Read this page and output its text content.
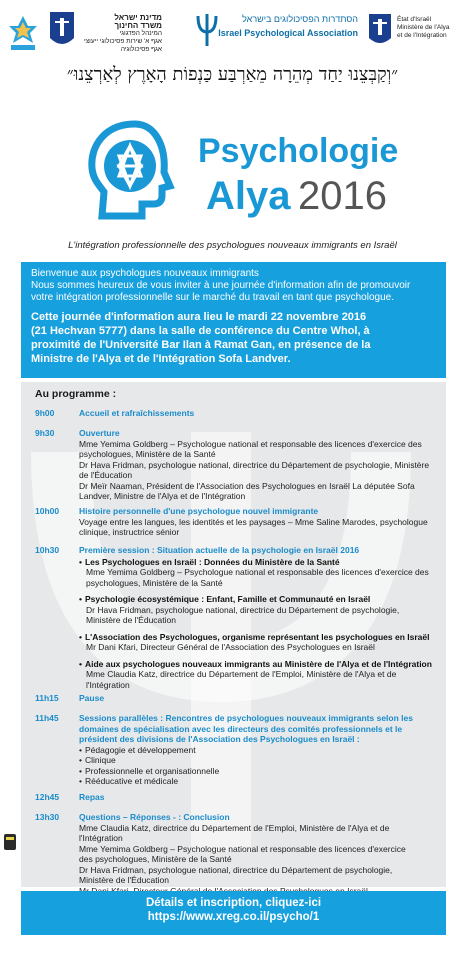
מדינת ישראל
משרד החינוך
המינהל הפדגוגי
אגף א' שירות פסיכולוגי ייעוצי
אגף פסיכולוגיה
הסתדרות הפסיכולוגים בישראל
Israel Psychological Association
État d'Israël
Ministère de l'Alya
et de l'Intégration
״וְקַבְּצֵנוּ יַחַד מְהֵרָה מֵאַרְבַּע כַּנְפוֹת הָאָרֶץ לְאַרְצֵנוּ״
Psychologie
Alya 2016
L'intégration professionnelle des psychologues nouveaux immigrants en Israël
Bienvenue aux psychologues nouveaux immigrants
Nous sommes heureux de vous inviter à une journée d'information afin de promouvoir
votre intégration professionnelle sur le marché du travail en tant que psychologue.
Cette journée d'information aura lieu le mardi 22 novembre 2016
(21 Hechvan 5777) dans la salle de conférence du Centre Whol, à
proximité de l'Université Bar Ilan à Ramat Gan, en présence de la
Ministre de l'Alya et de l'Intégration Sofa Landver.
Au programme :
9h00	Accueil et rafraîchissements
9h30	Ouverture
Mme Yemima Goldberg – Psychologue national et responsable des licences d'exercice des
psychologues, Ministère de la Santé
Dr Hava Fridman, psychologue national, directrice du Département de psychologie, Ministère
de l'Éducation
Dr Meïr Naaman, Président de l'Association des Psychologues en Israël La députée Sofa
Landver, Ministre de l'Alya et de l'Intégration
10h00	Histoire personnelle d'une psychologue nouvel immigrante
Voyage entre les langues, les identités et les paysages – Mme Saline Marodes, psychologue
clinique, instructrice sénior
10h30	Première session : Situation actuelle de la psychologie en Israël 2016
• Les Psychologues en Israël : Données du Ministère de la Santé
Mme Yemima Goldberg – Psychologue national et responsable des licences d'exercice des
psychologues, Ministère de la Santé
• Psychologie écosystémique : Enfant, Famille et Communauté en Israël
Dr Hava Fridman, psychologue national, directrice du Département de psychologie,
Ministère de l'Éducation
• L'Association des Psychologues, organisme représentant les psychologues en Israël
Mr Dani Kfari, Directeur Général de l'Association des Psychologues en Israël
• Aide aux psychologues nouveaux immigrants au Ministère de l'Alya et de l'Intégration
Mme Claudia Katz, directrice du Département de l'Emploi, Ministère de l'Alya et de l'Intégration
11h15	Pause
11h45	Sessions parallèles : Rencontres de psychologues nouveaux immigrants selon les
domaines de spécialisation avec les directeurs des comités professionnels et le
président des divisions de l'Association des Psychologues en Israël :
• Pédagogie et développement
• Clinique
• Professionnelle et organisationnelle
• Rééducative et médicale
12h45	Repas
13h30	Questions – Réponses - : Conclusion
Mme Claudia Katz, directrice du Département de l'Emploi, Ministère de l'Alya et de l'Intégration
Mme Yemima Goldberg – Psychologue national et responsable des licences d'exercice
des psychologues, Ministère de la Santé
Dr Hava Fridman, psychologue national, directrice du Département de psychologie,
Ministère de l'Éducation
Détails et inscription, cliquez-ici
https://www.xreg.co.il/psycho/1
